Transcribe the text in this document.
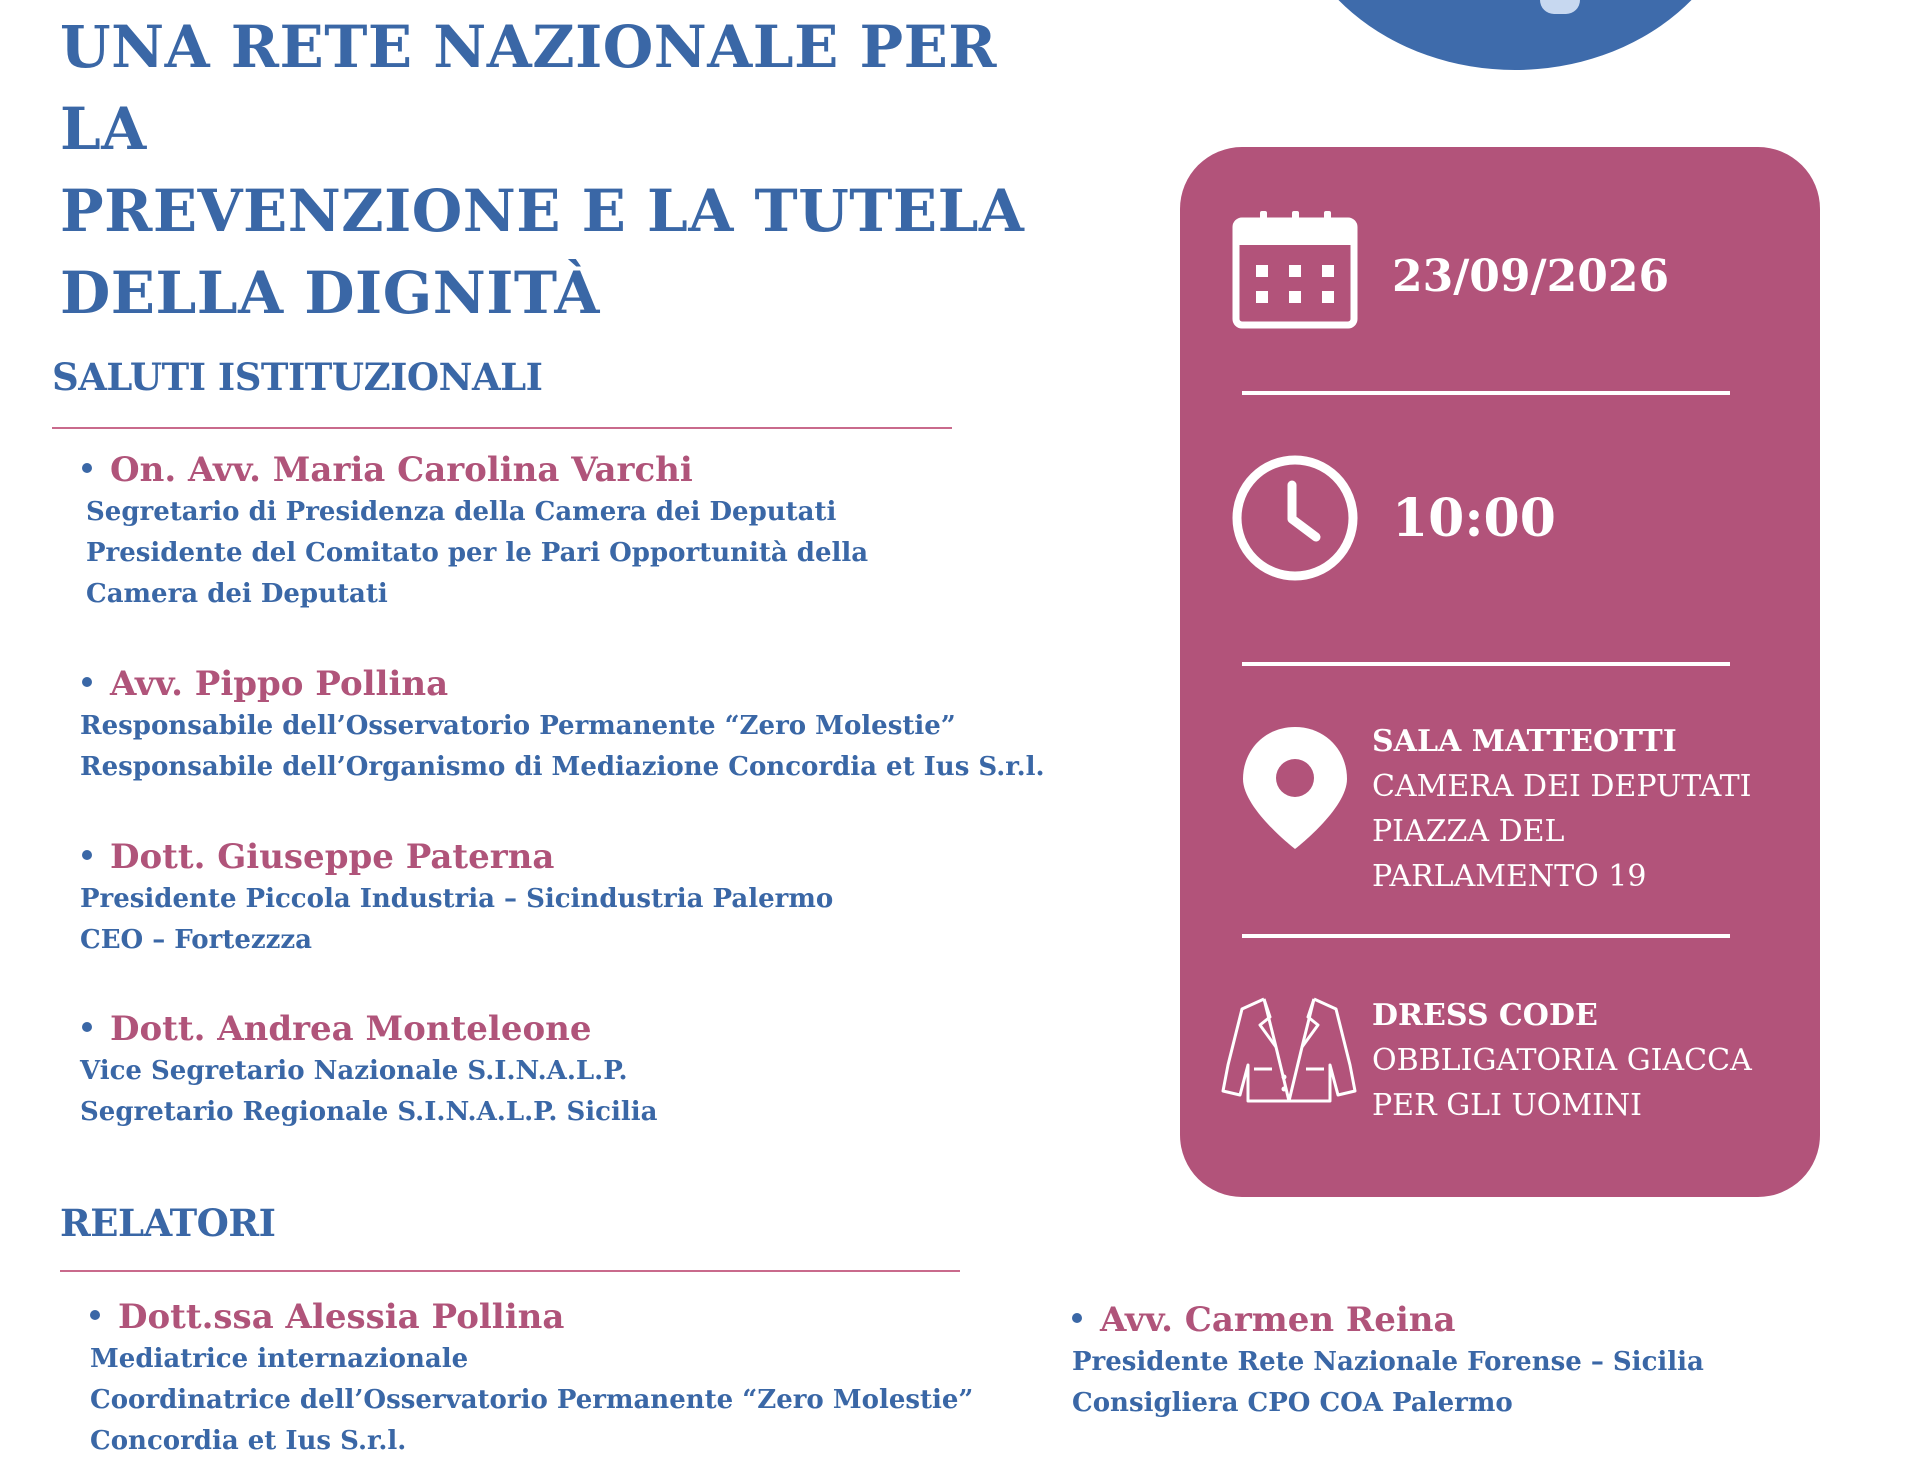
UNA RETE NAZIONALE PER LA
PREVENZIONE E LA TUTELA
DELLA DIGNITÀ
SALUTI ISTITUZIONALI
On. Avv. Maria Carolina Varchi
Segretario di Presidenza della Camera dei Deputati
Presidente del Comitato per le Pari Opportunità della
Camera dei Deputati
Avv. Pippo Pollina
Responsabile dell’Osservatorio Permanente “Zero Molestie”
Responsabile dell’Organismo di Mediazione Concordia et Ius S.r.l.
Dott. Giuseppe Paterna
Presidente Piccola Industria – Sicindustria Palermo
CEO – Fortezzza
Dott. Andrea Monteleone
Vice Segretario Nazionale S.I.N.A.L.P.
Segretario Regionale S.I.N.A.L.P. Sicilia
RELATORI
Dott.ssa Alessia Pollina
Mediatrice internazionale
Coordinatrice dell’Osservatorio Permanente “Zero Molestie”
Concordia et Ius S.r.l.
Avv. Carmen Reina
Presidente Rete Nazionale Forense – Sicilia
Consigliera CPO COA Palermo
23/09/2026
10:00
SALA MATTEOTTI
CAMERA DEI DEPUTATI
PIAZZA DEL
PARLAMENTO 19
DRESS CODE
OBBLIGATORIA GIACCA
PER GLI UOMINI
